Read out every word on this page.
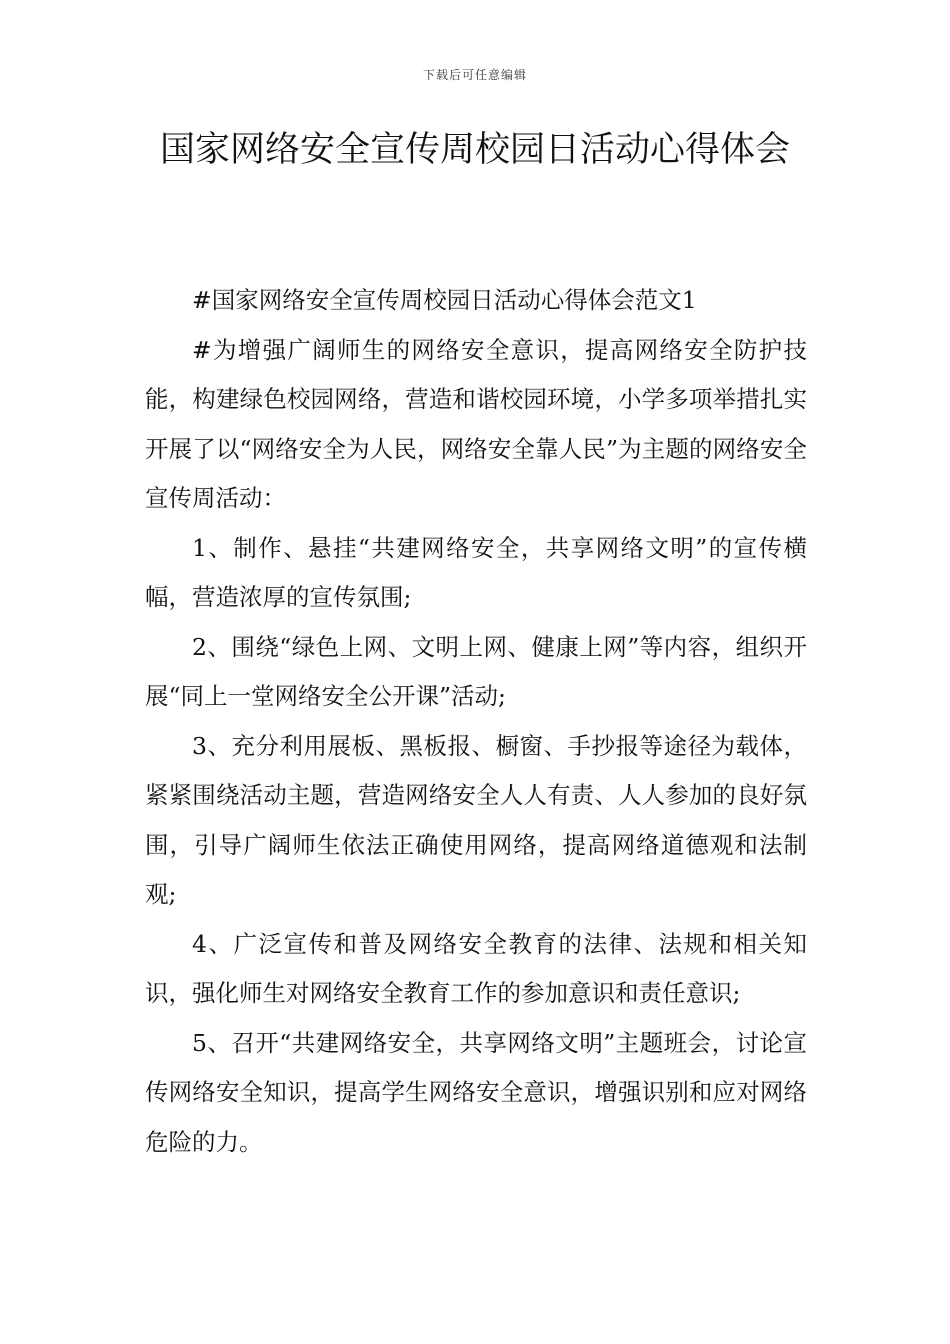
下载后可任意编辑
国家网络安全宣传周校园日活动心得体会

#国家网络安全宣传周校园日活动心得体会范文1

#为增强广阔师生的网络安全意识，提高网络安全防护技能，构建绿色校园网络，营造和谐校园环境，小学多项举措扎实开展了以“网络安全为人民，网络安全靠人民”为主题的网络安全宣传周活动：

1、制作、悬挂“共建网络安全，共享网络文明”的宣传横幅，营造浓厚的宣传氛围;

2、围绕“绿色上网、文明上网、健康上网”等内容，组织开展“同上一堂网络安全公开课”活动;

3、充分利用展板、黑板报、橱窗、手抄报等途径为载体，紧紧围绕活动主题，营造网络安全人人有责、人人参加的良好氛围，引导广阔师生依法正确使用网络，提高网络道德观和法制观;

4、广泛宣传和普及网络安全教育的法律、法规和相关知识，强化师生对网络安全教育工作的参加意识和责任意识;

5、召开“共建网络安全，共享网络文明”主题班会，讨论宣传网络安全知识，提高学生网络安全意识，增强识别和应对网络危险的力。
